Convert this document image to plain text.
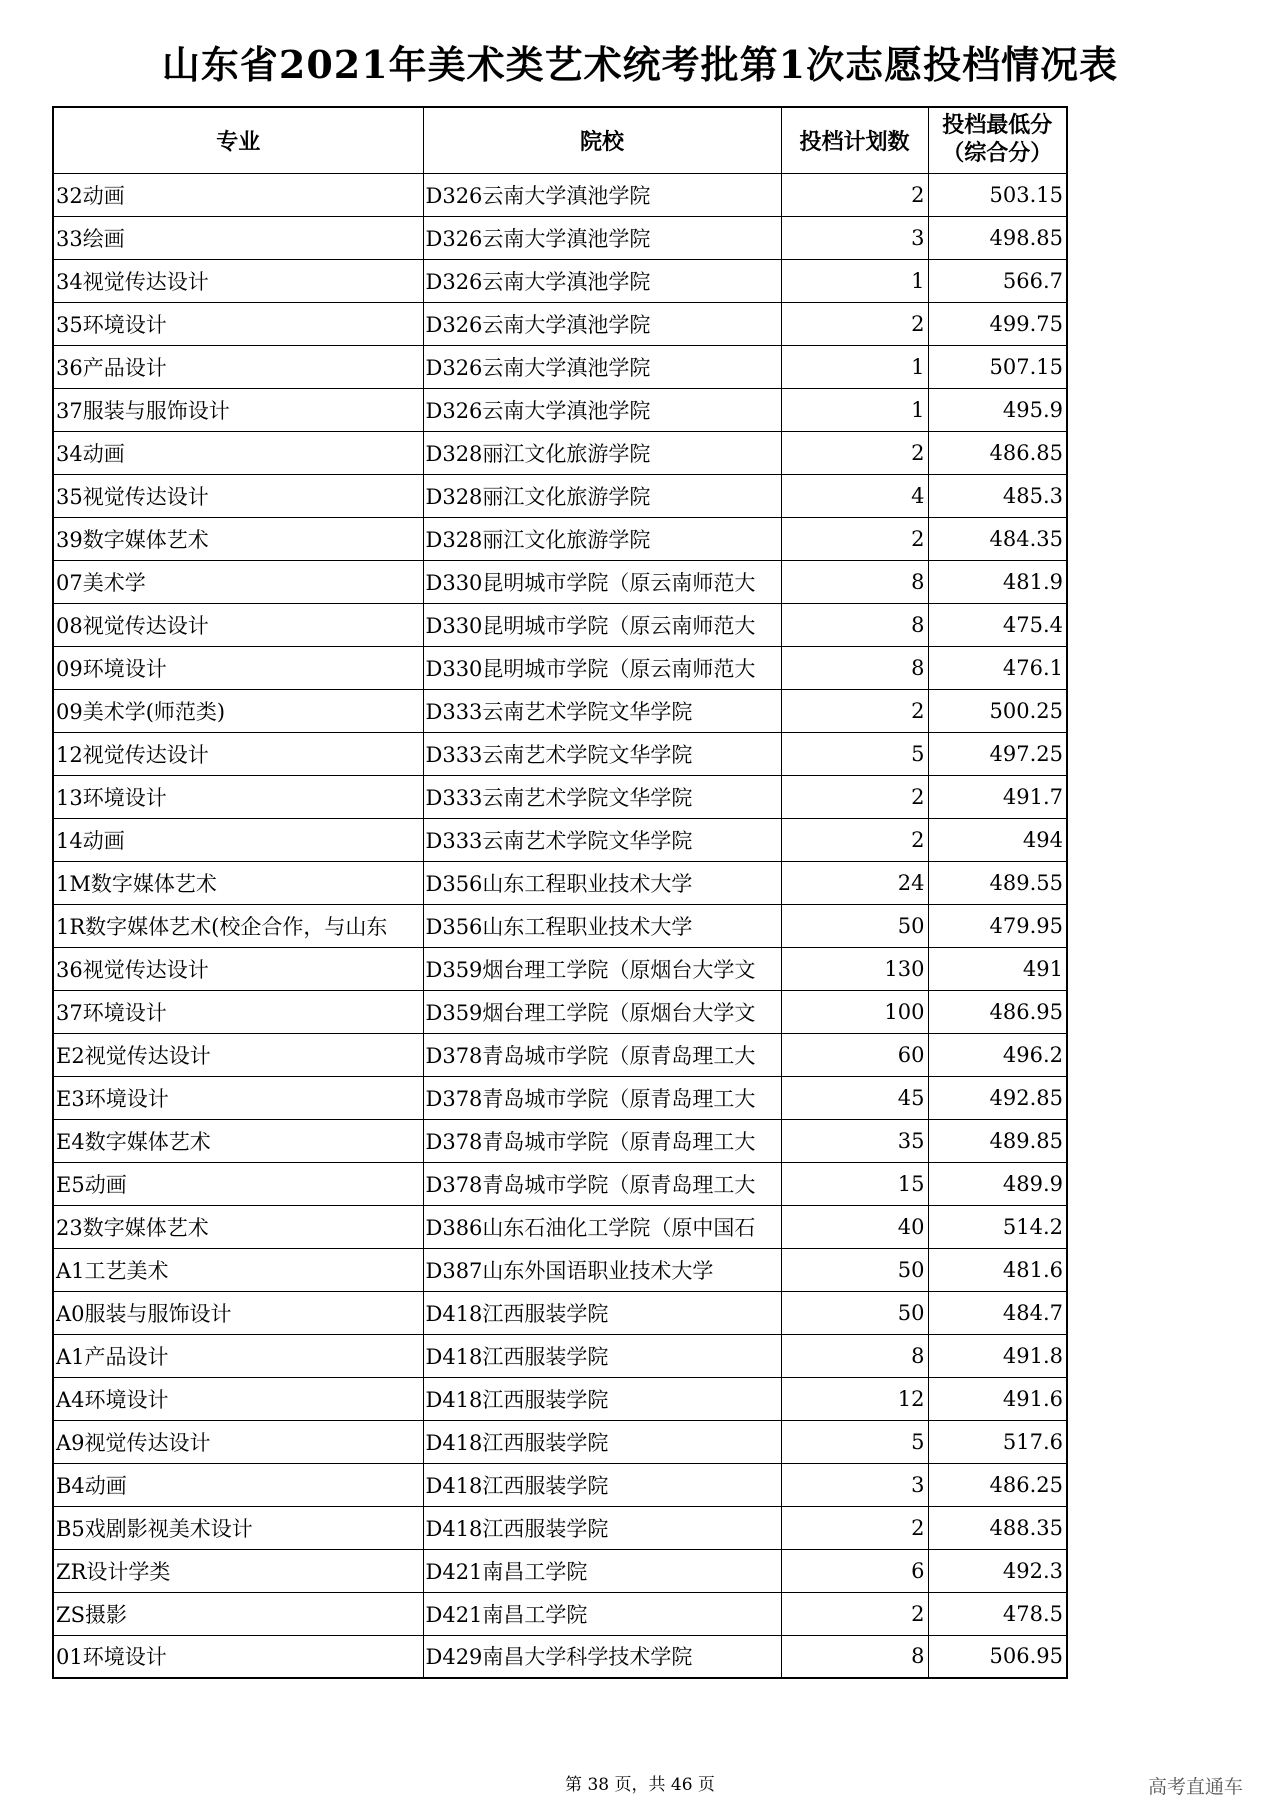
山东省2021年美术类艺术统考批第1次志愿投档情况表
专业	院校	投档计划数	投档最低分
（综合分）

32动画	D326云南大学滇池学院	2	503.15
33绘画	D326云南大学滇池学院	3	498.85
34视觉传达设计	D326云南大学滇池学院	1	566.7
35环境设计	D326云南大学滇池学院	2	499.75
36产品设计	D326云南大学滇池学院	1	507.15
37服装与服饰设计	D326云南大学滇池学院	1	495.9
34动画	D328丽江文化旅游学院	2	486.85
35视觉传达设计	D328丽江文化旅游学院	4	485.3
39数字媒体艺术	D328丽江文化旅游学院	2	484.35
07美术学	D330昆明城市学院（原云南师范大	8	481.9
08视觉传达设计	D330昆明城市学院（原云南师范大	8	475.4
09环境设计	D330昆明城市学院（原云南师范大	8	476.1
09美术学(师范类)	D333云南艺术学院文华学院	2	500.25
12视觉传达设计	D333云南艺术学院文华学院	5	497.25
13环境设计	D333云南艺术学院文华学院	2	491.7
14动画	D333云南艺术学院文华学院	2	494
1M数字媒体艺术	D356山东工程职业技术大学	24	489.55
1R数字媒体艺术(校企合作，与山东	D356山东工程职业技术大学	50	479.95
36视觉传达设计	D359烟台理工学院（原烟台大学文	130	491
37环境设计	D359烟台理工学院（原烟台大学文	100	486.95
E2视觉传达设计	D378青岛城市学院（原青岛理工大	60	496.2
E3环境设计	D378青岛城市学院（原青岛理工大	45	492.85
E4数字媒体艺术	D378青岛城市学院（原青岛理工大	35	489.85
E5动画	D378青岛城市学院（原青岛理工大	15	489.9
23数字媒体艺术	D386山东石油化工学院（原中国石	40	514.2
A1工艺美术	D387山东外国语职业技术大学	50	481.6
A0服装与服饰设计	D418江西服装学院	50	484.7
A1产品设计	D418江西服装学院	8	491.8
A4环境设计	D418江西服装学院	12	491.6
A9视觉传达设计	D418江西服装学院	5	517.6
B4动画	D418江西服装学院	3	486.25
B5戏剧影视美术设计	D418江西服装学院	2	488.35
ZR设计学类	D421南昌工学院	6	492.3
ZS摄影	D421南昌工学院	2	478.5
01环境设计	D429南昌大学科学技术学院	8	506.95
第 38 页，共 46 页	高考直通车
